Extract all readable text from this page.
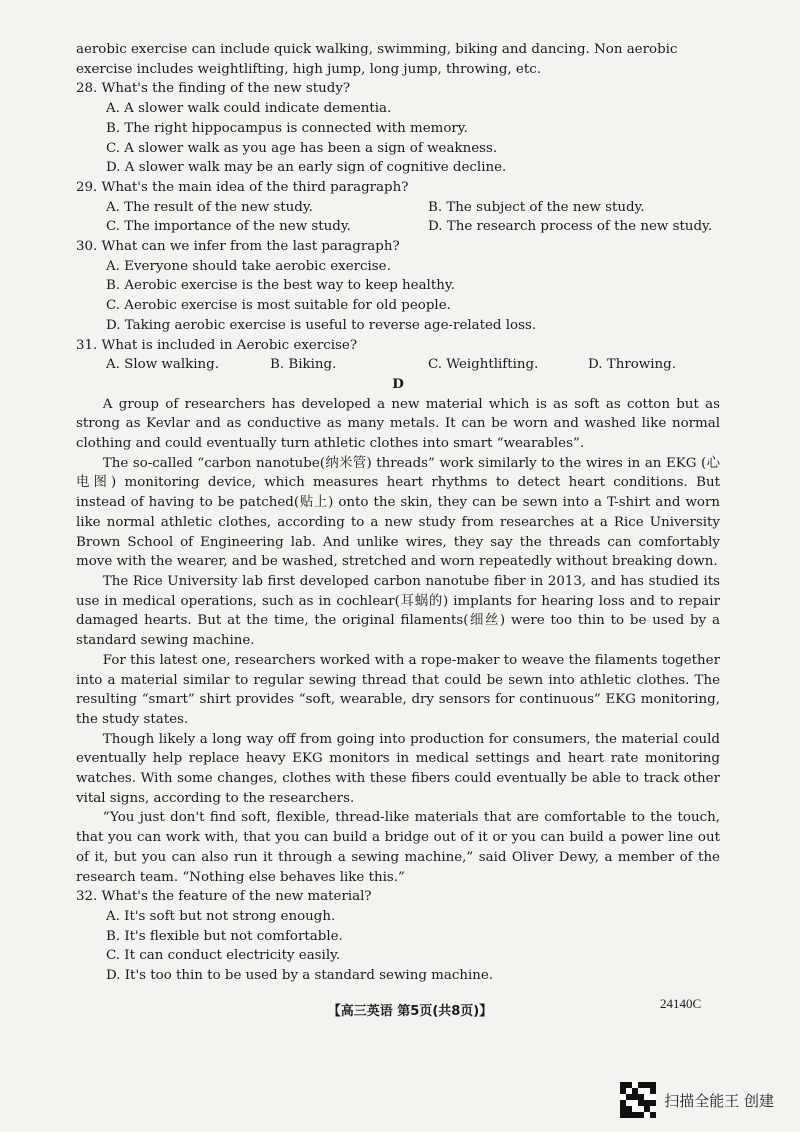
aerobic exercise can include quick walking, swimming, biking and dancing. Non aerobic
exercise includes weightlifting, high jump, long jump, throwing, etc.
28. What's the finding of the new study?
A. A slower walk could indicate dementia.
B. The right hippocampus is connected with memory.
C. A slower walk as you age has been a sign of weakness.
D. A slower walk may be an early sign of cognitive decline.
29. What's the main idea of the third paragraph?
A. The result of the new study.	B. The subject of the new study.
C. The importance of the new study.	D. The research process of the new study.
30. What can we infer from the last paragraph?
A. Everyone should take aerobic exercise.
B. Aerobic exercise is the best way to keep healthy.
C. Aerobic exercise is most suitable for old people.
D. Taking aerobic exercise is useful to reverse age-related loss.
31. What is included in Aerobic exercise?
A. Slow walking.	B. Biking.	C. Weightlifting.	D. Throwing.
D

A group of researchers has developed a new material which is as soft as cotton but as strong as Kevlar and as conductive as many metals. It can be worn and washed like normal clothing and could eventually turn athletic clothes into smart “wearables”.

The so-called “carbon nanotube(纳米管) threads” work similarly to the wires in an EKG (心电图) monitoring device, which measures heart rhythms to detect heart conditions. But instead of having to be patched(贴上) onto the skin, they can be sewn into a T-shirt and worn like normal athletic clothes, according to a new study from researches at a Rice University Brown School of Engineering lab. And unlike wires, they say the threads can comfortably move with the wearer, and be washed, stretched and worn repeatedly without breaking down.

The Rice University lab first developed carbon nanotube fiber in 2013, and has studied its use in medical operations, such as in cochlear(耳蜗的) implants for hearing loss and to repair damaged hearts. But at the time, the original filaments(细丝) were too thin to be used by a standard sewing machine.

For this latest one, researchers worked with a rope-maker to weave the filaments together into a material similar to regular sewing thread that could be sewn into athletic clothes. The resulting “smart” shirt provides “soft, wearable, dry sensors for continuous” EKG monitoring, the study states.

Though likely a long way off from going into production for consumers, the material could eventually help replace heavy EKG monitors in medical settings and heart rate monitoring watches. With some changes, clothes with these fibers could eventually be able to track other vital signs, according to the researchers.

“You just don't find soft, flexible, thread-like materials that are comfortable to the touch, that you can work with, that you can build a bridge out of it or you can build a power line out of it, but you can also run it through a sewing machine,” said Oliver Dewy, a member of the research team. “Nothing else behaves like this.”

32. What's the feature of the new material?
A. It's soft but not strong enough.
B. It's flexible but not comfortable.
C. It can conduct electricity easily.
D. It's too thin to be used by a standard sewing machine.
【高三英语 第5页(共8页)】
24140C
扫描全能王 创建
